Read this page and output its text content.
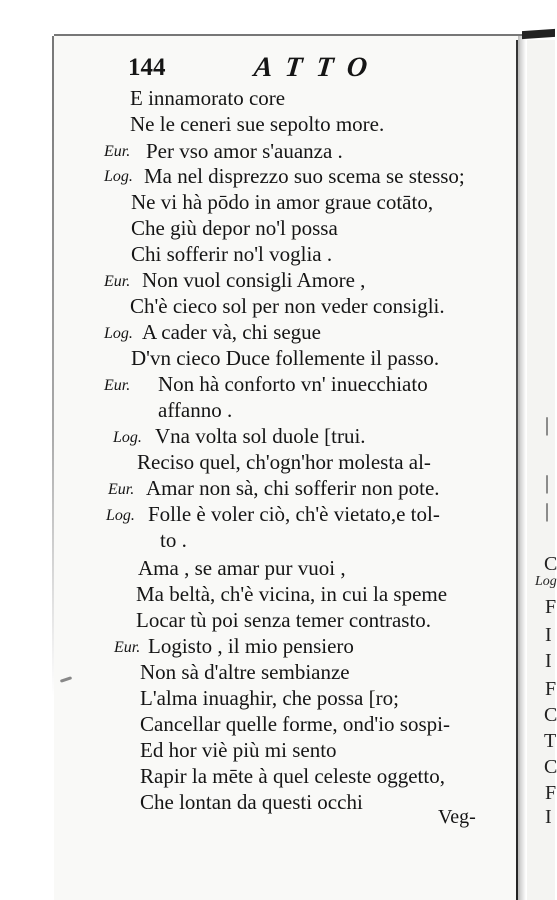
144	ATTO
E innamorato core
Ne le ceneri sue sepolto more.
Eur. Per vso amor s'auanza .
Log. Ma nel disprezzo suo scema se stesso;
Ne vi hà pōdo in amor graue cotāto,
Che giù depor no'l possa
Chi sofferir no'l voglia .
Eur. Non vuol consigli Amore ,
Ch'è cieco sol per non veder consigli.
Log. A cader và, chi segue
D'vn cieco Duce follemente il passo.
Eur. Non hà conforto vn' inuecchiato
affanno .
Log. Vna volta sol duole [trui.
Reciso quel, ch'ogn'hor molesta al-
Eur. Amar non sà, chi sofferir non pote.
Log. Folle è voler ciò, ch'è vietato,e tol-
to .
Ama , se amar pur vuoi ,
Ma beltà, ch'è vicina, in cui la speme
Locar tù poi senza temer contrasto.
Eur. Logisto , il mio pensiero
Non sà d'altre sembianze
L'alma inuaghir, che possa [ro;
Cancellar quelle forme, ond'io sospi-
Ed hor viè più mi sento
Rapir la mēte à quel celeste oggetto,
Che lontan da questi occhi
Veg-
Log
|
|
|
C
F
I
I
F
C
T
C
F
I
